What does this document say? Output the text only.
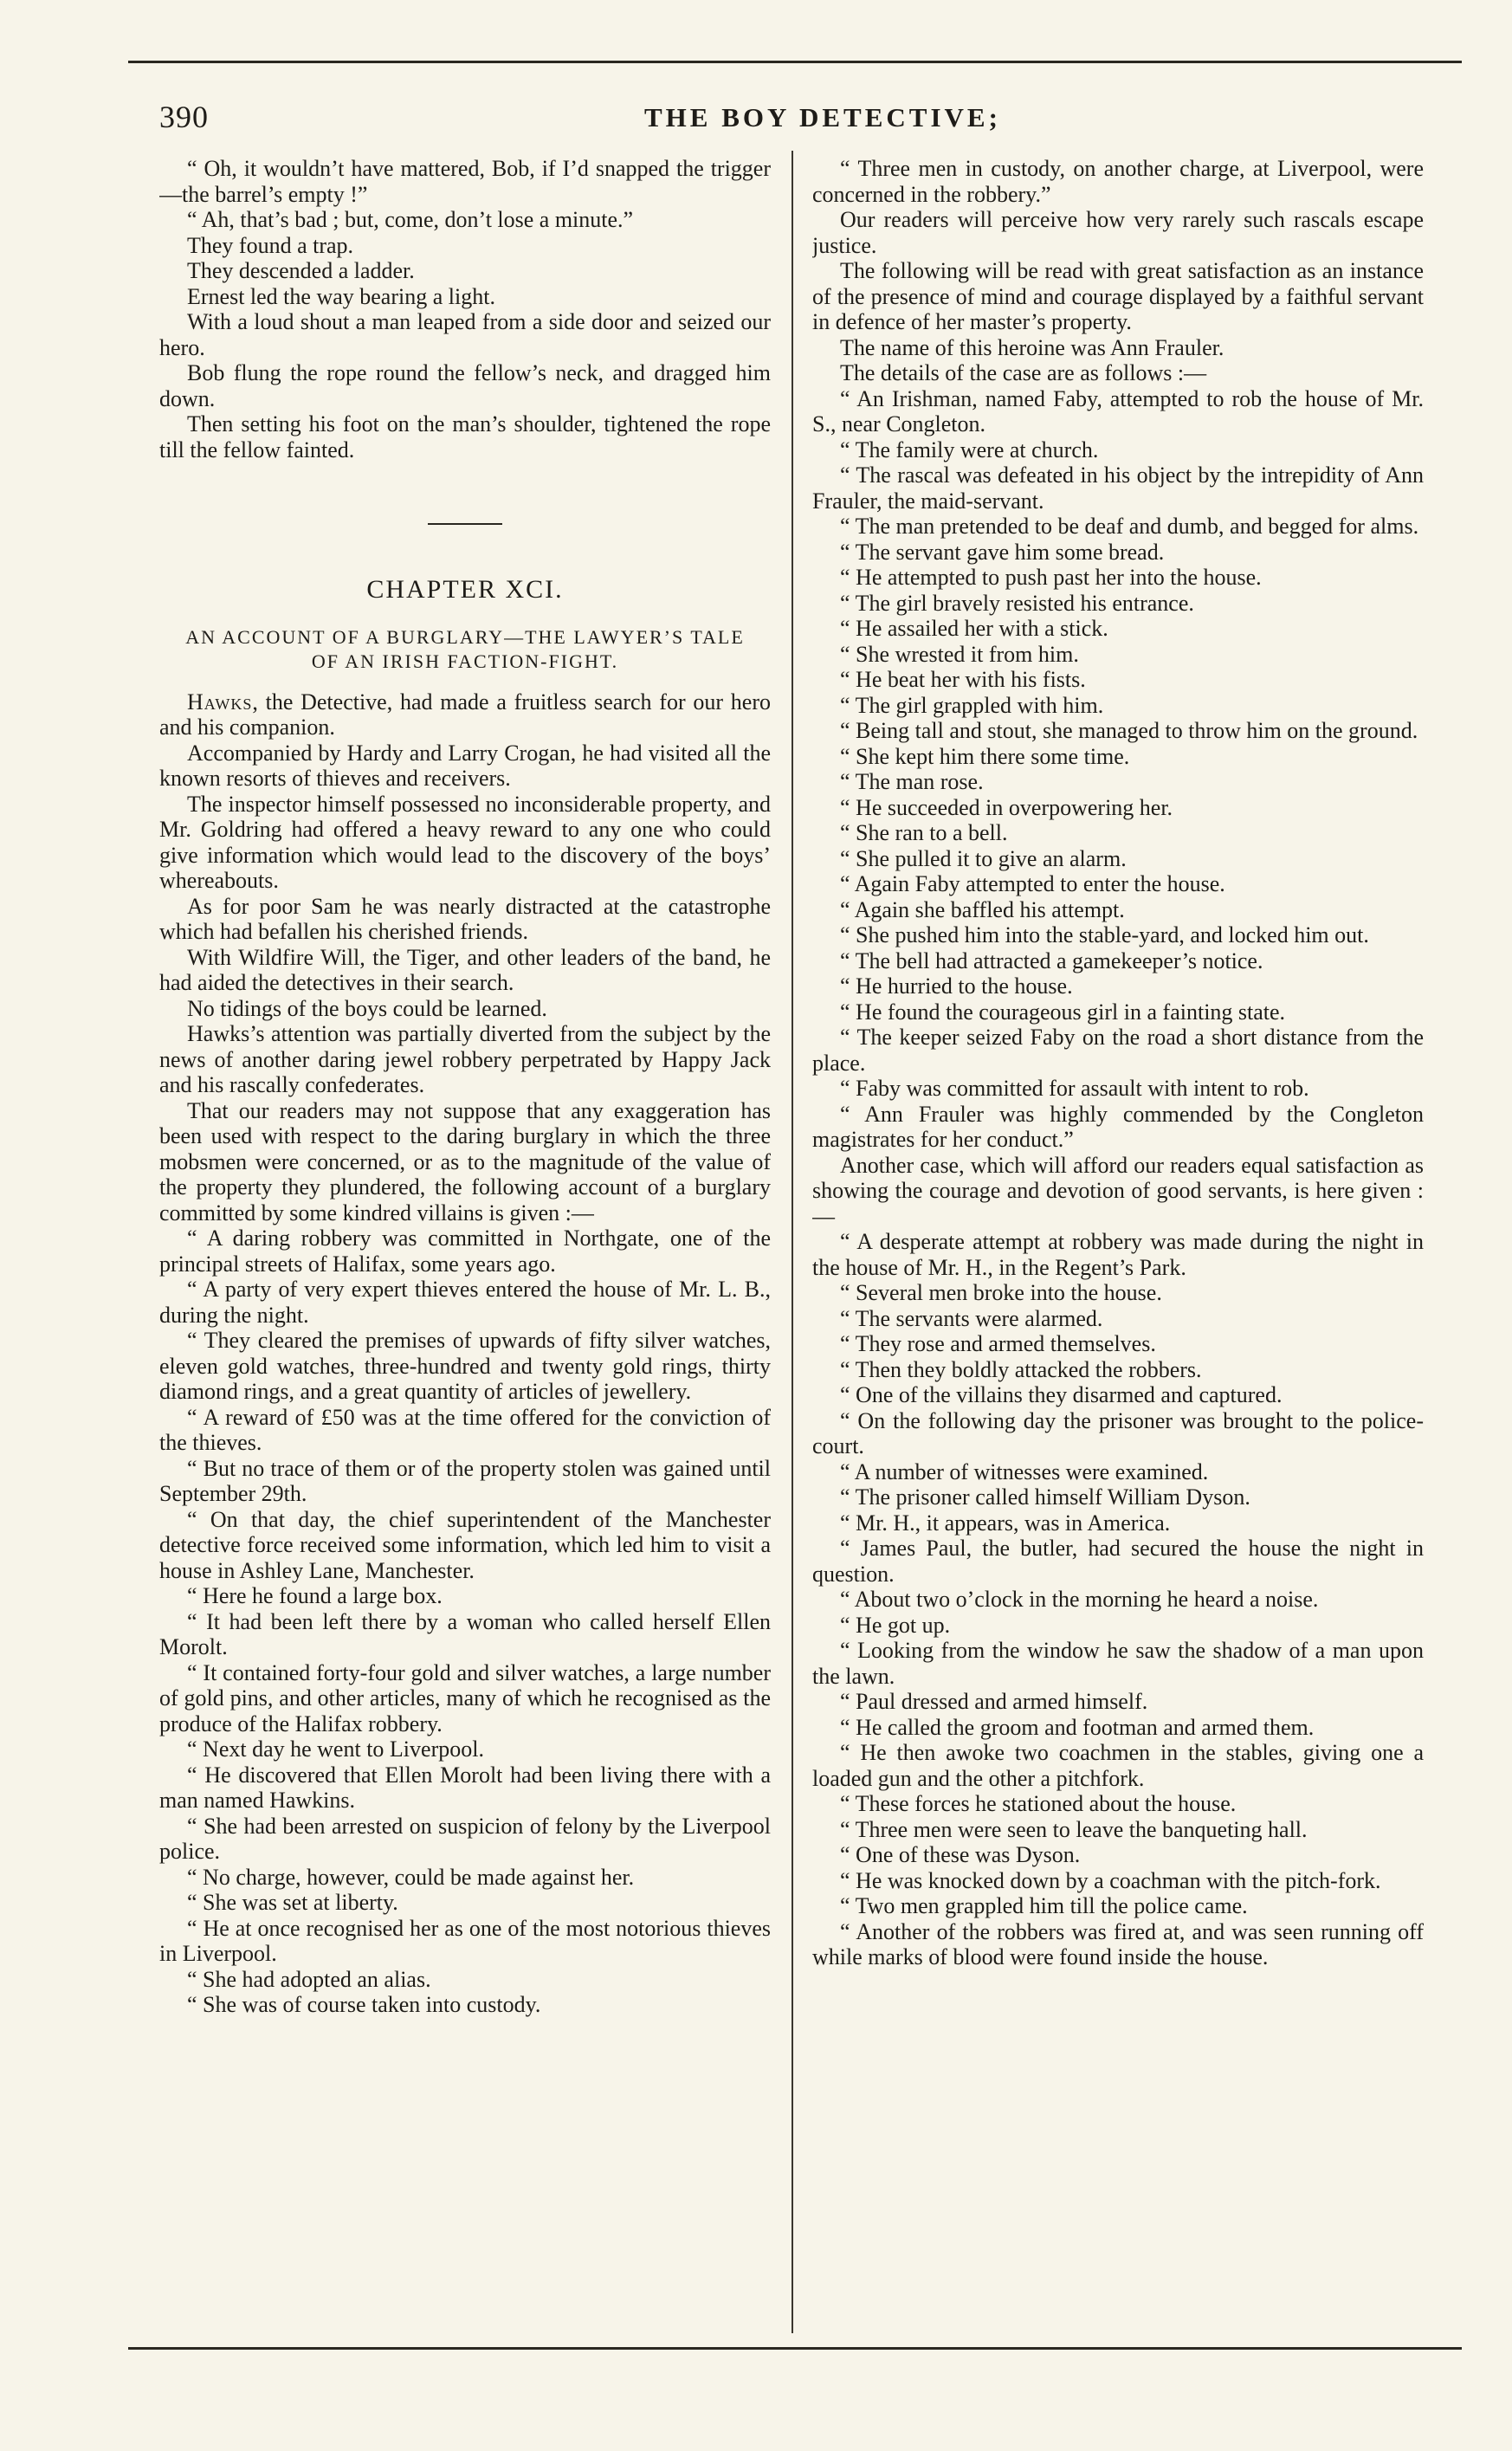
390	THE BOY DETECTIVE;

“ Oh, it wouldn’t have mattered, Bob, if I’d snapped the trigger—the barrel’s empty !”

“ Ah, that’s bad ; but, come, don’t lose a minute.”

They found a trap.

They descended a ladder.

Ernest led the way bearing a light.

With a loud shout a man leaped from a side door and seized our hero.

Bob flung the rope round the fellow’s neck, and dragged him down.

Then setting his foot on the man’s shoulder, tightened the rope till the fellow fainted.

CHAPTER XCI.

AN ACCOUNT OF A BURGLARY—THE LAWYER’S TALE OF AN IRISH FACTION-FIGHT.

Hawks, the Detective, had made a fruitless search for our hero and his companion.

Accompanied by Hardy and Larry Crogan, he had visited all the known resorts of thieves and receivers.

The inspector himself possessed no inconsiderable property, and Mr. Goldring had offered a heavy reward to any one who could give information which would lead to the discovery of the boys’ whereabouts.

As for poor Sam he was nearly distracted at the catastrophe which had befallen his cherished friends.

With Wildfire Will, the Tiger, and other leaders of the band, he had aided the detectives in their search.

No tidings of the boys could be learned.

Hawks’s attention was partially diverted from the subject by the news of another daring jewel robbery perpetrated by Happy Jack and his rascally confederates.

That our readers may not suppose that any exaggeration has been used with respect to the daring burglary in which the three mobsmen were concerned, or as to the magnitude of the value of the property they plundered, the following account of a burglary committed by some kindred villains is given :—

“ A daring robbery was committed in Northgate, one of the principal streets of Halifax, some years ago.

“ A party of very expert thieves entered the house of Mr. L. B., during the night.

“ They cleared the premises of upwards of fifty silver watches, eleven gold watches, three-hundred and twenty gold rings, thirty diamond rings, and a great quantity of articles of jewellery.

“ A reward of £50 was at the time offered for the conviction of the thieves.

“ But no trace of them or of the property stolen was gained until September 29th.

“ On that day, the chief superintendent of the Manchester detective force received some information, which led him to visit a house in Ashley Lane, Manchester.

“ Here he found a large box.

“ It had been left there by a woman who called herself Ellen Morolt.

“ It contained forty-four gold and silver watches, a large number of gold pins, and other articles, many of which he recognised as the produce of the Halifax robbery.

“ Next day he went to Liverpool.

“ He discovered that Ellen Morolt had been living there with a man named Hawkins.

“ She had been arrested on suspicion of felony by the Liverpool police.

“ No charge, however, could be made against her.

“ She was set at liberty.

“ He at once recognised her as one of the most notorious thieves in Liverpool.

“ She had adopted an alias.

“ She was of course taken into custody.

“ Three men in custody, on another charge, at Liverpool, were concerned in the robbery.”

Our readers will perceive how very rarely such rascals escape justice.

The following will be read with great satisfaction as an instance of the presence of mind and courage displayed by a faithful servant in defence of her master’s property.

The name of this heroine was Ann Frauler.

The details of the case are as follows :—

“ An Irishman, named Faby, attempted to rob the house of Mr. S., near Congleton.

“ The family were at church.

“ The rascal was defeated in his object by the intrepidity of Ann Frauler, the maid-servant.

“ The man pretended to be deaf and dumb, and begged for alms.

“ The servant gave him some bread.

“ He attempted to push past her into the house.

“ The girl bravely resisted his entrance.

“ He assailed her with a stick.

“ She wrested it from him.

“ He beat her with his fists.

“ The girl grappled with him.

“ Being tall and stout, she managed to throw him on the ground.

“ She kept him there some time.

“ The man rose.

“ He succeeded in overpowering her.

“ She ran to a bell.

“ She pulled it to give an alarm.

“ Again Faby attempted to enter the house.

“ Again she baffled his attempt.

“ She pushed him into the stable-yard, and locked him out.

“ The bell had attracted a gamekeeper’s notice.

“ He hurried to the house.

“ He found the courageous girl in a fainting state.

“ The keeper seized Faby on the road a short distance from the place.

“ Faby was committed for assault with intent to rob.

“ Ann Frauler was highly commended by the Congleton magistrates for her conduct.”

Another case, which will afford our readers equal satisfaction as showing the courage and devotion of good servants, is here given :—

“ A desperate attempt at robbery was made during the night in the house of Mr. H., in the Regent’s Park.

“ Several men broke into the house.

“ The servants were alarmed.

“ They rose and armed themselves.

“ Then they boldly attacked the robbers.

“ One of the villains they disarmed and captured.

“ On the following day the prisoner was brought to the police-court.

“ A number of witnesses were examined.

“ The prisoner called himself William Dyson.

“ Mr. H., it appears, was in America.

“ James Paul, the butler, had secured the house the night in question.

“ About two o’clock in the morning he heard a noise.

“ He got up.

“ Looking from the window he saw the shadow of a man upon the lawn.

“ Paul dressed and armed himself.

“ He called the groom and footman and armed them.

“ He then awoke two coachmen in the stables, giving one a loaded gun and the other a pitchfork.

“ These forces he stationed about the house.

“ Three men were seen to leave the banqueting hall.

“ One of these was Dyson.

“ He was knocked down by a coachman with the pitch-fork.

“ Two men grappled him till the police came.

“ Another of the robbers was fired at, and was seen running off while marks of blood were found inside the house.
